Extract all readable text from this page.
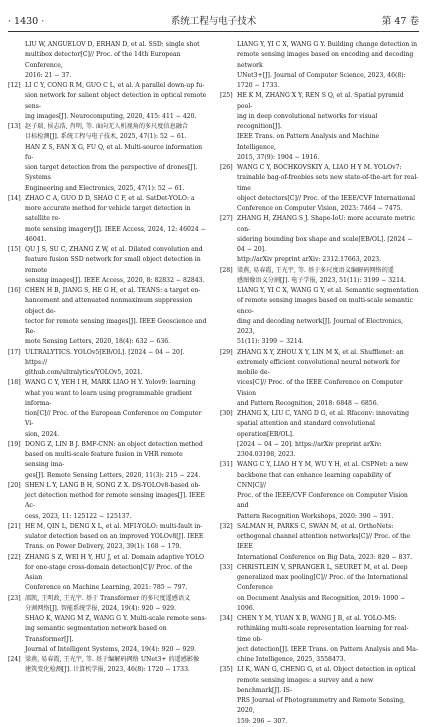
· 1430 ·	系统工程与电子技术	第 47 卷
LIU W, ANGUELOV D, ERHAN D, et al. SSD: single shot
multibox detector[C]// Proc. of the 14th European Conference,
2016: 21 − 37.
[12] LI C Y, CONG R M, GUO C L, et al. A parallel down-up fu-
sion network for salient object detection in optical remote sens-
ing images[J]. Neurocomputing, 2020, 415: 411 − 420.
[13] 赵子瑞, 侯志浩, 肖明, 等. 面向无人机视角的多尺度信息融合
目标检测[J]. 系统工程与电子技术, 2025, 47(1): 52 − 61.
HAN Z S, FAN X G, FU Q, et al. Multi-source information fu-
sion target detection from the perspective of drones[J]. Systems
Engineering and Electronics, 2025, 47(1): 52 − 61.
[14] ZHAO C A, GUO D D, SHAO C F, et al. SatDet-YOLO: a
more accurate method for vehicle target detection in satellite re-
mote sensing imagery[J]. IEEE Access, 2024, 12: 46024 − 46041.
[15] QU J S, SU C, ZHANG Z W, et al. Dilated convolution and
feature fusion SSD network for small object detection in remote
sensing images[J]. IEEE Access, 2020, 8: 82832 − 82843.
[16] CHEN H B, JIANG S, HE G H, et al. TEANS: a target en-
hancement and attenuated nonmaximum suppression object de-
tector for remote sensing images[J]. IEEE Geoscience and Re-
mote Sensing Letters, 2020, 18(4): 632 − 636.
[17] ULTRALYTICS. YOLOv5[EB/OL]. [2024 − 04 − 20]. https://
github.com/ultralytics/YOLOv5, 2021.
[18] WANG C Y, YEH I H, MARK LIAO H Y. Yolov9: learning
what you want to learn using programmable gradient informa-
tion[C]// Proc. of the European Conference on Computer Vi-
sion, 2024.
[19] DONG Z, LIN B J. BMF-CNN: an object detection method
based on multi-scale feature fusion in VHR remote sensing ima-
ges[J]. Remote Sensing Letters, 2020, 11(3): 215 − 224.
[20] SHEN L Y, LANG B H, SONG Z X. DS-YOLOv8-based ob-
ject detection method for remote sensing images[J]. IEEE Ac-
cess, 2023, 11: 125122 − 125137.
[21] HE M, QIN L, DENG X L, et al. MFI-YOLO: multi-fault in-
sulator detection based on an improved YOLOv8[J]. IEEE
Trans. on Power Delivery, 2023, 39(1): 168 − 179.
[22] ZHANG S Z, WEI H Y, HU J, et al. Domain adaptive YOLO
for one-stage cross-domain detection[C]// Proc. of the Asian
Conference on Machine Learning, 2021: 785 − 797.
[23] 邵凯, 王明政, 王光宇. 基于 Transformer 的多尺度遥感语义
分割网络[J]. 智能系统学报, 2024, 19(4): 920 − 929.
SHAO K, WANG M Z, WANG G Y. Multi-scale remote sens-
ing semantic segmentation network based on Transformer[J].
Journal of Intelligent Systems, 2024, 19(4): 920 − 929.
[24] 梁燕, 易春霞, 王光宇, 等. 基于编解码网络 UNet3+ 的遥感影像
建筑变化检测[J]. 计算机学报, 2023, 46(8): 1720 − 1733.
LIANG Y, YI C X, WANG G Y. Building change detection in
remote sensing images based on encoding and decoding network
UNet3+[J]. Journal of Computer Science, 2023, 46(8):
1720 − 1733.
[25] HE K M, ZHANG X Y, REN S Q, et al. Spatial pyramid pool-
ing in deep convolutional networks for visual recognition[J].
IEEE Trans. on Pattern Analysis and Machine Intelligence,
2015, 37(9): 1904 − 1916.
[26] WANG C Y, BOCHKOVSKIY A, LIAO H Y M. YOLOv7:
trainable bag-of-freebies sets new state-of-the-art for real-time
object detectors[C]// Proc. of the IEEE/CVF International
Conference on Computer Vision, 2023: 7464 − 7475.
[27] ZHANG H, ZHANG S J. Shape-IoU: more accurate metric con-
sidering bounding box shape and scale[EB/OL]. [2024 − 04 − 20].
http://arXiv preprint arXiv: 2312.17663, 2023.
[28] 梁燕, 易春霞, 王光宇, 等. 基于多尺度语义编解码网络的遥
感图像语义分割[J]. 电子学报, 2023, 51(11): 3199 − 3214.
LIANG Y, YI C X, WANG G Y, et al. Semantic segmentation
of remote sensing images based on multi-scale semantic enco-
ding and decoding network[J]. Journal of Electronics, 2023,
51(11): 3199 − 3214.
[29] ZHANG X Y, ZHOU X Y, LIN M X, et al. Shufflenet: an
extremely efficient convolutional neural network for mobile de-
vices[C]// Proc. of the IEEE Conference on Computer Vision
and Pattern Recognition, 2018: 6848 − 6856.
[30] ZHANG X, LIU C, YANG D G, et al. Rfaconv: innovating
spatial attention and standard convolutional operation[EB/OL].
[2024 − 04 − 20]. https://arXiv preprint arXiv: 2304.03198, 2023.
[31] WANG C Y, LIAO H Y M, WU Y H, et al. CSPNet: a new
backbone that can enhance learning capability of CNN[C]//
Proc. of the IEEE/CVF Conference on Computer Vision and
Pattern Recognition Workshops, 2020: 390 − 391.
[32] SALMAN H, PARKS C, SWAN M, et al. OrthoNets:
orthogonal channel attention networks[C]// Proc. of the IEEE
International Conference on Big Data, 2023: 829 − 837.
[33] CHRISTLEIN V, SPRANGER L, SEURET M, et al. Deep
generalized max pooling[C]// Proc. of the International Conference
on Document Analysis and Recognition, 2019: 1090 − 1096.
[34] CHEN Y M, YUAN X B, WANG J B, et al. YOLO-MS:
rethinking multi-scale representation learning for real-time ob-
ject detection[J]. IEEE Trans. on Pattern Analysis and Ma-
chine Intelligence, 2025, 3558473.
[35] LI K, WAN G, CHENG G, et al. Object detection in optical
remote sensing images: a survey and a new benchmark[J]. IS-
PRS Journal of Photogrammetry and Remote Sensing, 2020,
159: 296 − 307.
